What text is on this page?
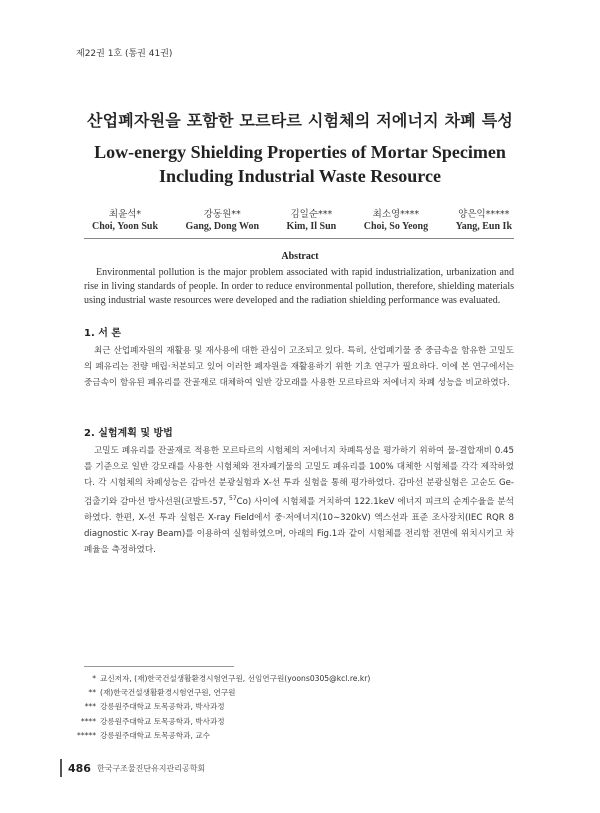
제22권 1호 (통권 41권)
산업폐자원을 포함한 모르타르 시험체의 저에너지 차폐 특성
Low-energy Shielding Properties of Mortar Specimen
Including Industrial Waste Resource
최윤석*
Choi, Yoon Suk
강동원**
Gang, Dong Won
김일순***
Kim, Il Sun
최소영****
Choi, So Yeong
양은익*****
Yang, Eun Ik
Abstract
Environmental pollution is the major problem associated with rapid industrialization, urbanization and rise in living standards of people. In order to reduce environmental pollution, therefore, shielding materials using industrial waste resources were developed and the radiation shielding performance was evaluated.
1. 서 론
최근 산업폐자원의 재활용 및 재사용에 대한 관심이 고조되고 있다. 특히, 산업폐기물 중 중금속을 함유한 고밀도의 폐유리는 전량 매립·처분되고 있어 이러한 폐자원을 재활용하기 위한 기초 연구가 필요하다. 이에 본 연구에서는 중금속이 함유된 폐유리를 잔골재로 대체하여 일반 강모래를 사용한 모르타르와 저에너지 차폐 성능을 비교하였다.
2. 실험계획 및 방법
고밀도 폐유리를 잔골재로 적용한 모르타르의 시험체의 저에너지 차폐특성을 평가하기 위하여 물-결합재비 0.45를 기준으로 일반 강모래를 사용한 시험체와 전자폐기물의 고밀도 폐유리를 100% 대체한 시험체를 각각 제작하였다. 각 시험체의 차폐성능은 감마선 분광실험과 X-선 투과 실험을 통해 평가하였다. 감마선 분광실험은 고순도 Ge-검출기와 감마선 방사선원(코발트-57, $^{57}$Co) 사이에 시험체를 거치하여 122.1keV 에너지 피크의 순계수율을 분석하였다. 한편, X-선 투과 실험은 X-ray Field에서 중·저에너지(10∼320kV) 엑스선과 표준 조사장치(IEC RQR 8 diagnostic X-ray Beam)를 이용하여 실험하였으며, 아래의 Fig.1과 같이 시험체를 전리함 전면에 위치시키고 차폐율을 측정하였다.
* 교신저자, (재)한국건설생활환경시험연구원, 선임연구원(yoons0305@kcl.re.kr)
** (재)한국건설생활환경시험연구원, 연구원
*** 강릉원주대학교 토목공학과, 박사과정
**** 강릉원주대학교 토목공학과, 박사과정
***** 강릉원주대학교 토목공학과, 교수
486 한국구조물진단유지관리공학회
